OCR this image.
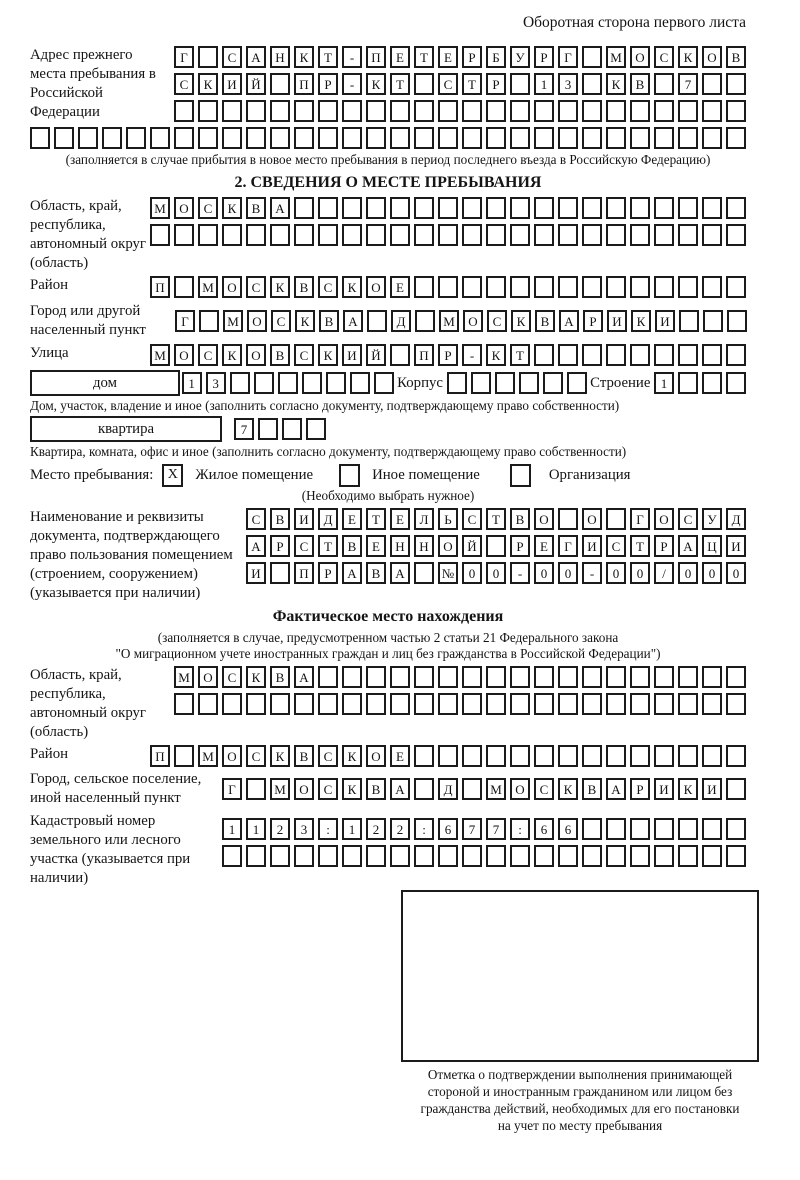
Оборотная сторона первого листа
Адрес прежнего места пребывания в Российской Федерации
Г	С	А	Н	К	Т	-	П	Е	Т	Е	Р	Б	У	Р	Г	М	О	С	К	О	В
С	К	И	Й	П	Р	-	К	Т	С	Т	Р	1	3	К	В	7
(заполняется в случае прибытия в новое место пребывания в период последнего въезда в Российскую Федерацию)
2. СВЕДЕНИЯ О МЕСТЕ ПРЕБЫВАНИЯ
Область, край, республика, автономный округ (область)
М	О	С	К	В	А
Район	П	М	О	С	К	В	С	К	О	Е
Город или другой населенный пункт
Г	М	О	С	К	В	А	Д	М	О	С	К	В	А	Р	И	К	И
Улица	М	О	С	К	О	В	С	К	И	Й	П	Р	-	К	Т
дом	1	3	Корпус	Строение 1
Дом, участок, владение и иное (заполнить согласно документу, подтверждающему право собственности)
квартира	7
Квартира, комната, офис и иное (заполнить согласно документу, подтверждающему право собственности)
Место пребывания:	X	Жилое помещение	Иное помещение	Организация
(Необходимо выбрать нужное)
Наименование и реквизиты документа, подтверждающего право пользования помещением (строением, сооружением) (указывается при наличии)
С	В	И	Д	Е	Т	Е	Л	Ь	С	Т	В	О	О	Г	О	С	У	Д
А	Р	С	Т	В	Е	Н	Н	О	Й	Р	Е	Г	И	С	Т	Р	А	Ц	И
И	П	Р	А	В	А	№	0	0	-	0	0	-	0	0	/	0	0	0
Фактическое место нахождения
(заполняется в случае, предусмотренном частью 2 статьи 21 Федерального закона
"О миграционном учете иностранных граждан и лиц без гражданства в Российской Федерации")
Область, край, республика, автономный округ (область)
М	О	С	К	В	А
Район	П	М	О	С	К	В	С	К	О	Е
Город, сельское поселение, иной населенный пункт
Г	М	О	С	К	В	А	Д	М	О	С	К	В	А	Р	И	К	И
Кадастровый номер земельного или лесного участка (указывается при наличии)
1	1	2	3	:	1	2	2	:	6	7	7	:	6	6
Отметка о подтверждении выполнения принимающей
стороной и иностранным гражданином или лицом без
гражданства действий, необходимых для его постановки
на учет по месту пребывания
